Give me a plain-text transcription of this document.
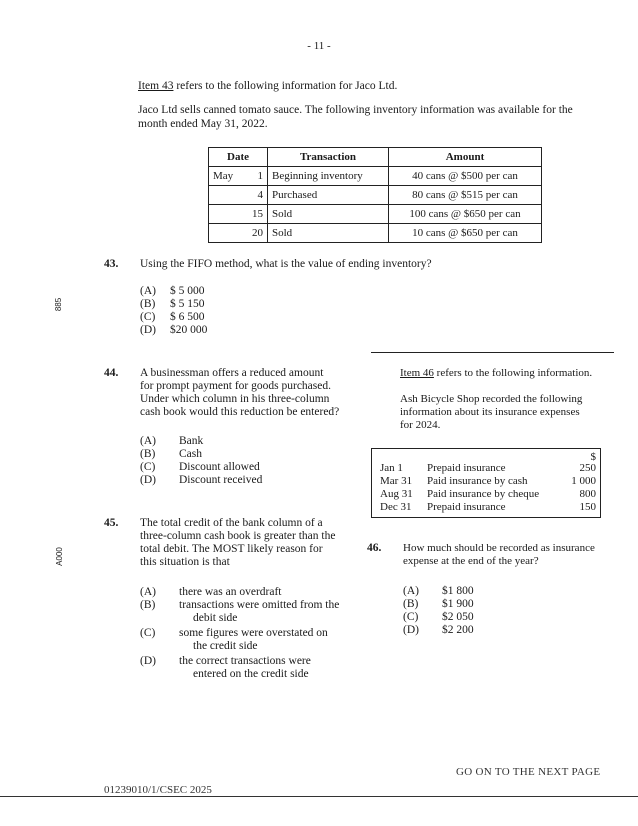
- 11 -
885
A000
Item 43 refers to the following information for Jaco Ltd.
Jaco Ltd sells canned tomato sauce. The following inventory information was available for the
month ended May 31, 2022.
Date		Transaction	Amount
May	1	Beginning inventory	40 cans @ $500 per can
	4	Purchased	80 cans @ $515 per can
	15	Sold	100 cans @ $650 per can
	20	Sold	10 cans @ $650 per can
43. Using the FIFO method, what is the value of ending inventory?
(A) $ 5 000
(B) $ 5 150
(C) $ 6 500
(D) $20 000
44. A businessman offers a reduced amount
for prompt payment for goods purchased.
Under which column in his three-column
cash book would this reduction be entered?
(A) Bank
(B) Cash
(C) Discount allowed
(D) Discount received
45. The total credit of the bank column of a
three-column cash book is greater than the
total debit. The MOST likely reason for
this situation is that
(A) there was an overdraft
(B) transactions were omitted from the
debit side
(C) some figures were overstated on
the credit side
(D) the correct transactions were
entered on the credit side
Item 46 refers to the following information.
Ash Bicycle Shop recorded the following
information about its insurance expenses
for 2024.
$
Jan 1 Prepaid insurance	250
Mar 31 Paid insurance by cash	1 000
Aug 31 Paid insurance by cheque	800
Dec 31 Prepaid insurance	150
46. How much should be recorded as insurance
expense at the end of the year?
(A) $1 800
(B) $1 900
(C) $2 050
(D) $2 200
GO ON TO THE NEXT PAGE
01239010/1/CSEC 2025
